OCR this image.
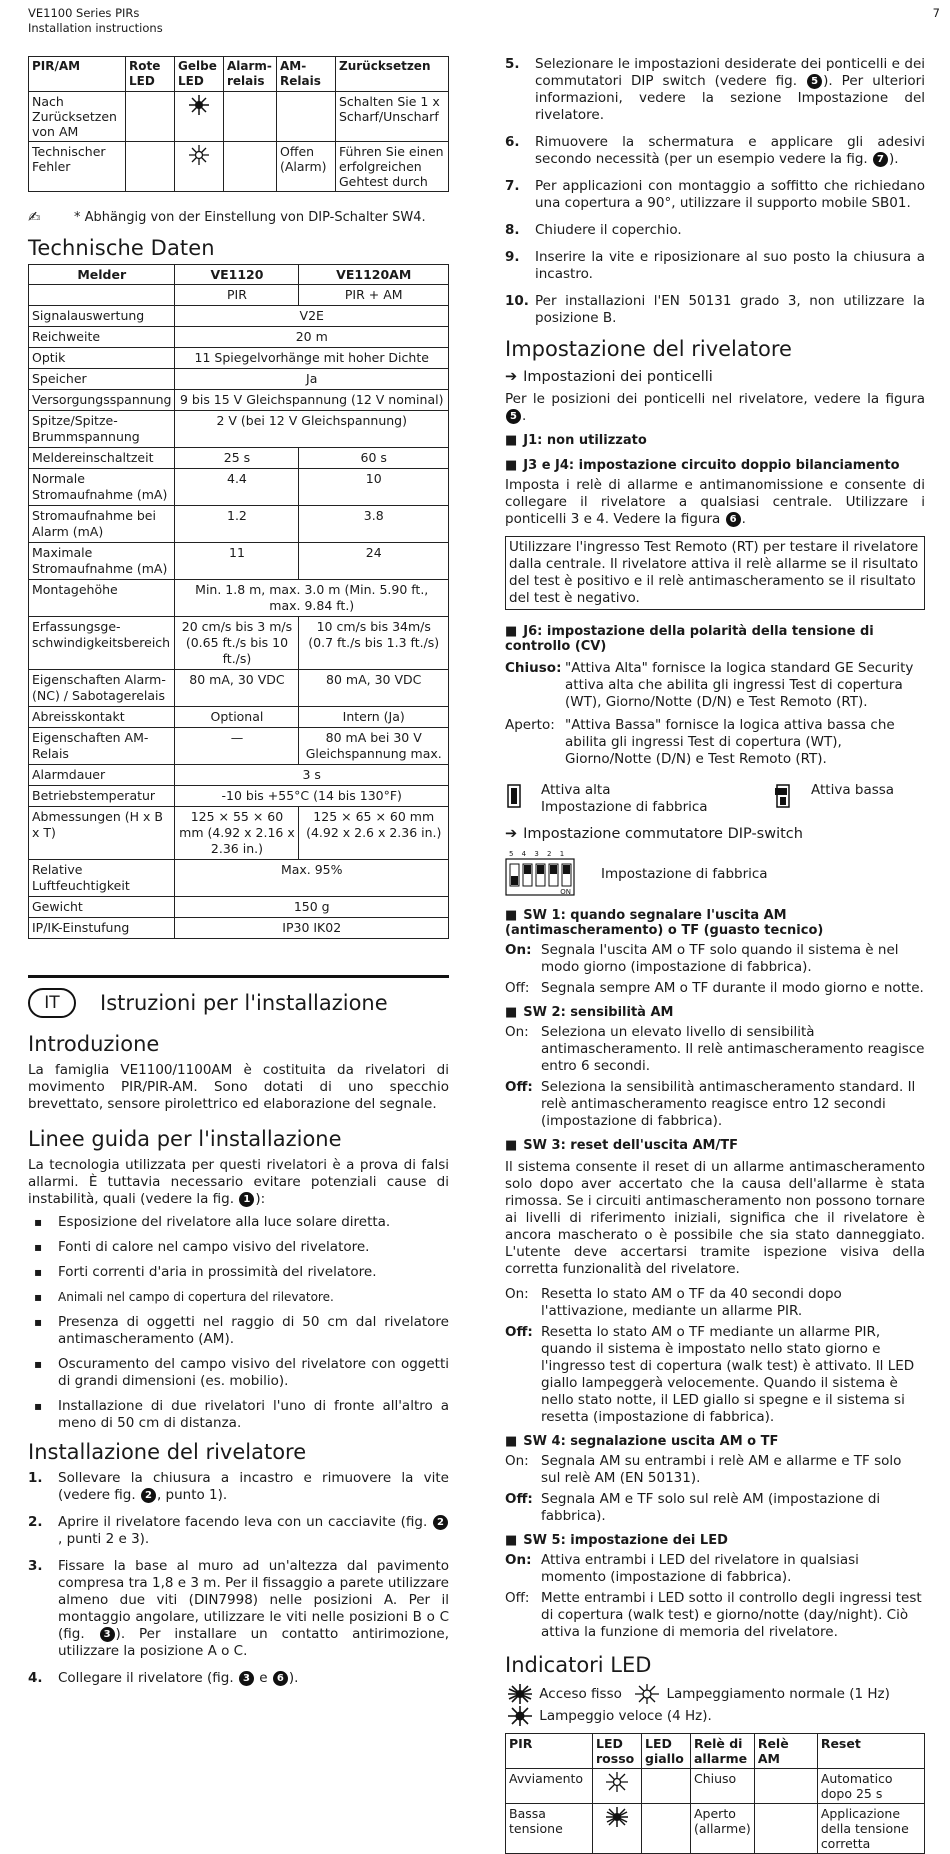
VE1100 Series PIRs
Installation instructions
7
PIR/AM	Rote LED	Gelbe LED	Alarm-relais	AM-Relais	Zurücksetzen
Nach Zurücksetzen von AM					Schalten Sie 1 x Scharf/Unscharf
Technischer Fehler				Offen (Alarm)	Führen Sie einen erfolgreichen Gehtest durch
✍	* Abhängig von der Einstellung von DIP-Schalter SW4.
Technische Daten
Melder	VE1120	VE1120AM
	PIR	PIR + AM
Signalauswertung	V2E	
Reichweite	20 m	
Optik	11 Spiegelvorhänge mit hoher Dichte	
Speicher	Ja	
Versorgungsspannung	9 bis 15 V Gleichspannung (12 V nominal)	
Spitze/Spitze-Brummspannung	2 V (bei 12 V Gleichspannung)	
Meldereinschaltzeit	25 s	60 s
Normale Stromaufnahme (mA)	4.4	10
Stromaufnahme bei Alarm (mA)	1.2	3.8
Maximale Stromaufnahme (mA)	11	24
Montagehöhe	Min. 1.8 m, max. 3.0 m (Min. 5.90 ft., max. 9.84 ft.)	
Erfassungsge-schwindigkeitsbereich	20 cm/s bis 3 m/s (0.65 ft./s bis 10 ft./s)	10 cm/s bis 34m/s (0.7 ft./s bis 1.3 ft./s)
Eigenschaften Alarm- (NC) / Sabotagerelais	80 mA, 30 VDC	80 mA, 30 VDC
Abreisskontakt	Optional	Intern (Ja)
Eigenschaften AM-Relais	—	80 mA bei 30 V Gleichspannung max.
Alarmdauer	3 s	
Betriebstemperatur	-10 bis +55°C (14 bis 130°F)	
Abmessungen (H x B x T)	125 × 55 × 60 mm (4.92 x 2.16 x 2.36 in.)	125 × 65 × 60 mm (4.92 x 2.6 x 2.36 in.)
Relative Luftfeuchtigkeit	Max. 95%	
Gewicht	150 g	
IP/IK-Einstufung	IP30 IK02	
IT	Istruzioni per l'installazione
Introduzione

La famiglia VE1100/1100AM è costituita da rivelatori di movimento PIR/PIR-AM. Sono dotati di uno specchio brevettato, sensore pirolettrico ed elaborazione del segnale.

Linee guida per l'installazione

La tecnologia utilizzata per questi rivelatori è a prova di falsi allarmi. È tuttavia necessario evitare potenziali cause di instabilità, quali (vedere la fig. 1 ):

▪ Esposizione del rivelatore alla luce solare diretta.
▪ Fonti di calore nel campo visivo del rivelatore.
▪ Forti correnti d'aria in prossimità del rivelatore.
▪ Animali nel campo di copertura del rilevatore.
▪ Presenza di oggetti nel raggio di 50 cm dal rivelatore antimascheramento (AM).
▪ Oscuramento del campo visivo del rivelatore con oggetti di grandi dimensioni (es. mobilio).
▪ Installazione di due rivelatori l'uno di fronte all'altro a meno di 50 cm di distanza.
Installazione del rivelatore
1.	Sollevare la chiusura a incastro e rimuovere la vite (vedere fig. 2 , punto 1).
2.	Aprire il rivelatore facendo leva con un cacciavite (fig. 2, punti 2 e 3).
3.	Fissare la base al muro ad un'altezza dal pavimento compresa tra 1,8 e 3 m. Per il fissaggio a parete utilizzare almeno due viti (DIN7998) nelle posizioni A. Per il montaggio angolare, utilizzare le viti nelle posizioni B o C (fig. 3 ). Per installare un contatto antirimozione, utilizzare la posizione A o C.
4.	Collegare il rivelatore (fig. 3 e 6 ).
5.	Selezionare le impostazioni desiderate dei ponticelli e dei commutatori DIP switch (vedere fig. 5 ). Per ulteriori informazioni, vedere la sezione Impostazione del rivelatore.
6.	Rimuovere la schermatura e applicare gli adesivi secondo necessità (per un esempio vedere la fig. 7 ).
7.	Per applicazioni con montaggio a soffitto che richiedano una copertura a 90°, utilizzare il supporto mobile SB01.
8.	Chiudere il coperchio.
9.	Inserire la vite e riposizionare al suo posto la chiusura a incastro.
10. Per installazioni l'EN 50131 grado 3, non utilizzare la posizione B.
Impostazione del rivelatore
➔ Impostazioni dei ponticelli

Per le posizioni dei ponticelli nel rivelatore, vedere la figura 5 .

■ J1: non utilizzato
■ J3 e J4: impostazione circuito doppio bilanciamento

Imposta i relè di allarme e antimanomissione e consente di collegare il rivelatore a qualsiasi centrale. Utilizzare i ponticelli 3 e 4. Vedere la figura 6 .

Utilizzare l'ingresso Test Remoto (RT) per testare il rivelatore dalla centrale. Il rivelatore attiva il relè allarme se il risultato del test è positivo e il relè antimascheramento se il risultato del test è negativo.
■ J6: impostazione della polarità della tensione di controllo (CV)
Chiuso: "Attiva Alta" fornisce la logica standard GE Security attiva alta che abilita gli ingressi Test di copertura (WT), Giorno/Notte (D/N) e Test Remoto (RT).
Aperto: "Attiva Bassa" fornisce la logica attiva bassa che abilita gli ingressi Test di copertura (WT), Giorno/Notte (D/N) e Test Remoto (RT).
Attiva alta
Impostazione di fabbrica
Attiva bassa
➔ Impostazione commutatore DIP-switch
5 4 3 2 1
ON
Impostazione di fabbrica
■ SW 1: quando segnalare l'uscita AM (antimascheramento) o TF (guasto tecnico)
On: Segnala l'uscita AM o TF solo quando il sistema è nel modo giorno (impostazione di fabbrica).
Off: Segnala sempre AM o TF durante il modo giorno e notte.
■ SW 2: sensibilità AM
On: Seleziona un elevato livello di sensibilità antimascheramento. Il relè antimascheramento reagisce entro 6 secondi.
Off: Seleziona la sensibilità antimascheramento standard. Il relè antimascheramento reagisce entro 12 secondi (impostazione di fabbrica).
■ SW 3: reset dell'uscita AM/TF

Il sistema consente il reset di un allarme antimascheramento solo dopo aver accertato che la causa dell'allarme è stata rimossa. Se i circuiti antimascheramento non possono tornare ai livelli di riferimento iniziali, significa che il rivelatore è ancora mascherato o è possibile che sia stato danneggiato. L'utente deve accertarsi tramite ispezione visiva della corretta funzionalità del rivelatore.

On: Resetta lo stato AM o TF da 40 secondi dopo l'attivazione, mediante un allarme PIR.
Off: Resetta lo stato AM o TF mediante un allarme PIR, quando il sistema è impostato nello stato giorno e l'ingresso test di copertura (walk test) è attivato. Il LED giallo lampeggerà velocemente. Quando il sistema è nello stato notte, il LED giallo si spegne e il sistema si resetta (impostazione di fabbrica).
■ SW 4: segnalazione uscita AM o TF
On: Segnala AM su entrambi i relè AM e allarme e TF solo sul relè AM (EN 50131).
Off: Segnala AM e TF solo sul relè AM (impostazione di fabbrica).
■ SW 5: impostazione dei LED
On: Attiva entrambi i LED del rivelatore in qualsiasi momento (impostazione di fabbrica).
Off: Mette entrambi i LED sotto il controllo degli ingressi test di copertura (walk test) e giorno/notte (day/night). Ciò attiva la funzione di memoria del rivelatore.
Indicatori LED
Acceso fisso	Lampeggiamento normale (1 Hz)
Lampeggio veloce (4 Hz).
PIR	LED rosso	LED giallo	Relè di allarme	Relè AM	Reset
Avviamento			Chiuso		Automatico dopo 25 s
Bassa tensione			Aperto (allarme)		Applicazione della tensione corretta
